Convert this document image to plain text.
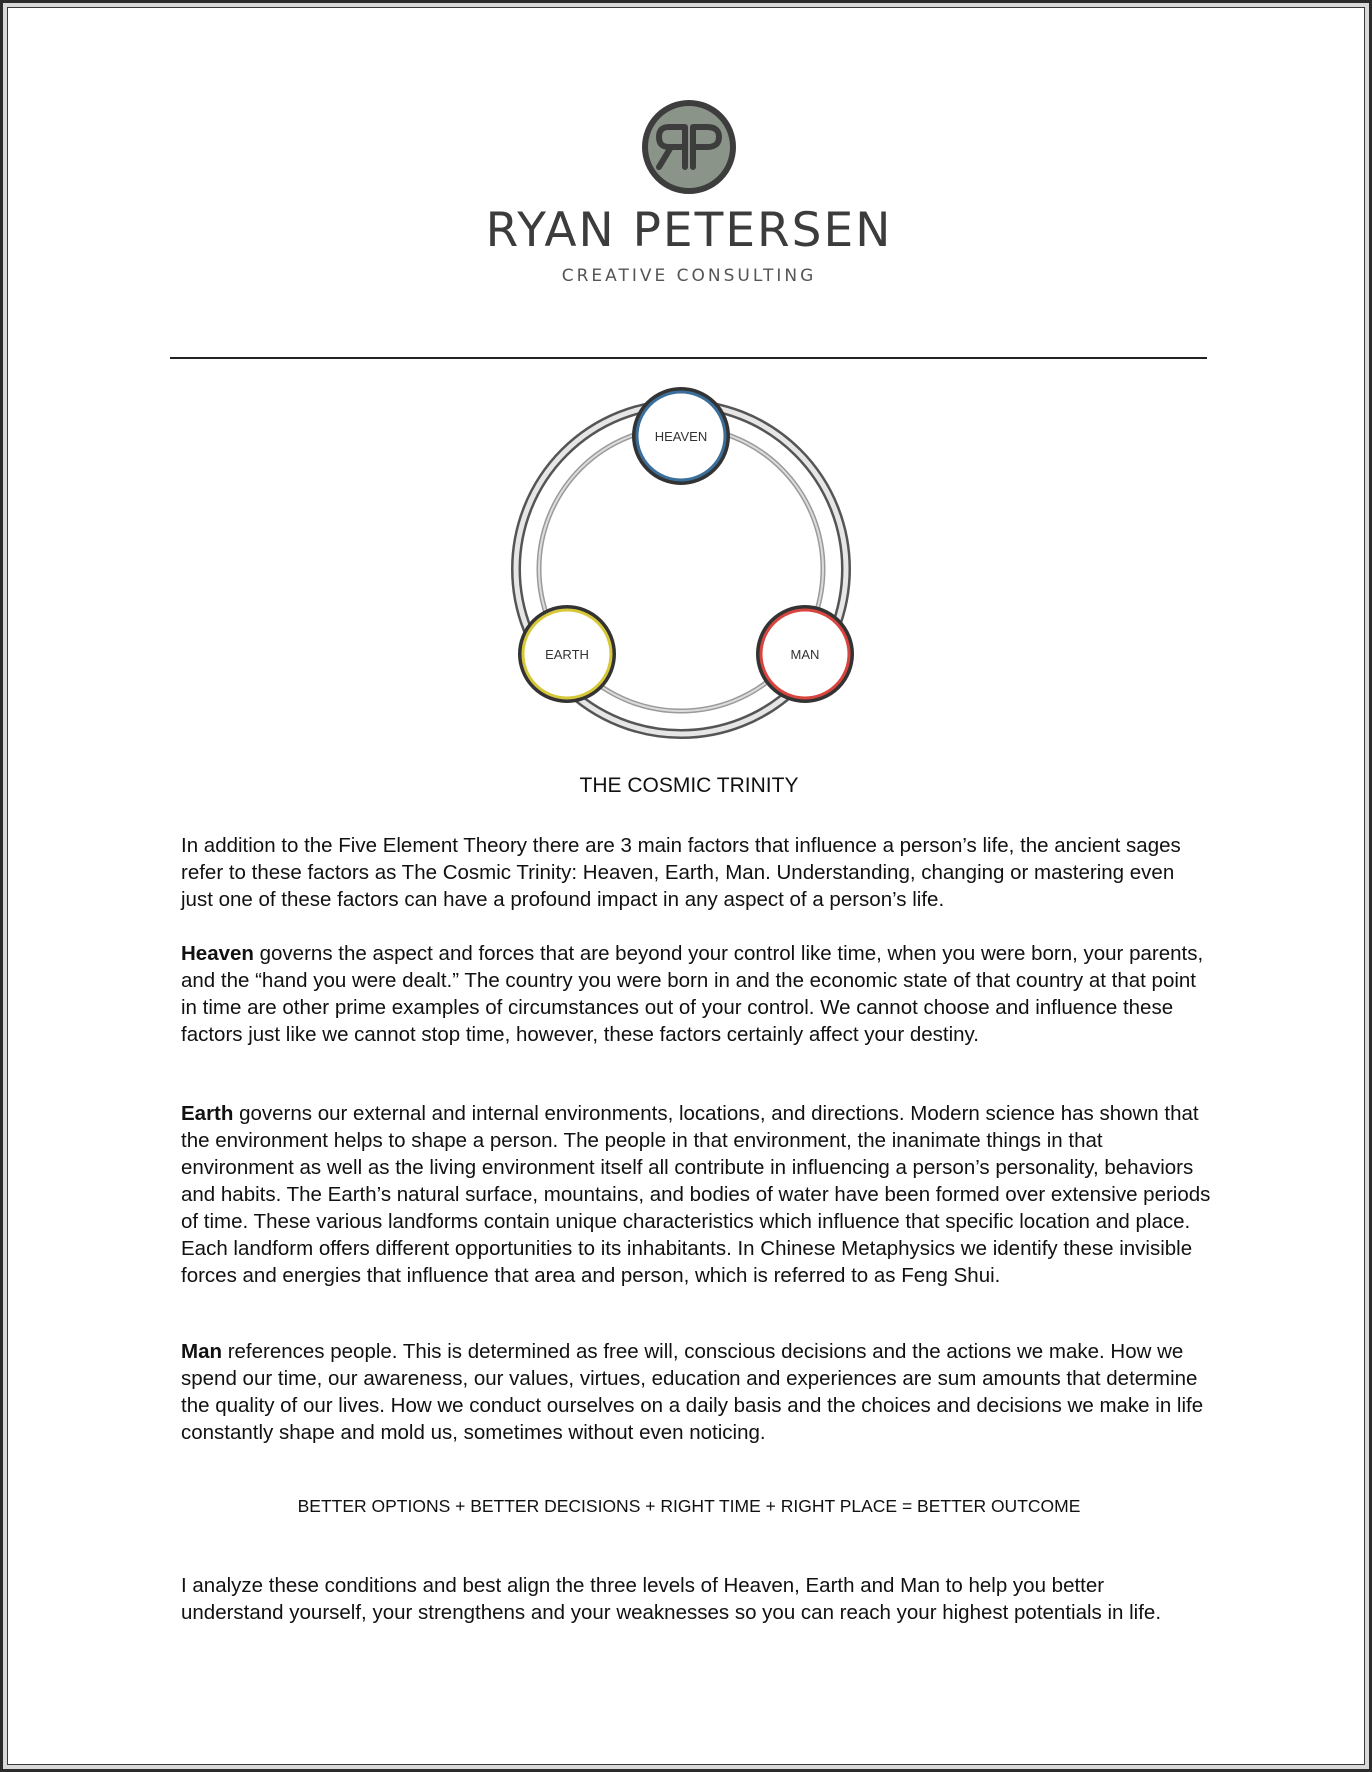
RYAN PETERSEN
CREATIVE CONSULTING
HEAVEN
EARTH	MAN
THE COSMIC TRINITY

In addition to the Five Element Theory there are 3 main factors that influence a person’s life, the ancient sages refer to these factors as The Cosmic Trinity: Heaven, Earth, Man. Understanding, changing or mastering even just one of these factors can have a profound impact in any aspect of a person’s life.

Heaven governs the aspect and forces that are beyond your control like time, when you were born, your parents, and the “hand you were dealt.” The country you were born in and the economic state of that country at that point in time are other prime examples of circumstances out of your control. We cannot choose and influence these factors just like we cannot stop time, however, these factors certainly affect your destiny.

Earth governs our external and internal environments, locations, and directions. Modern science has shown that the environment helps to shape a person. The people in that environment, the inanimate things in that environment as well as the living environment itself all contribute in influencing a person’s personality, behaviors and habits. The Earth’s natural surface, mountains, and bodies of water have been formed over extensive periods of time. These various landforms contain unique characteristics which influence that specific location and place. Each landform offers different opportunities to its inhabitants. In Chinese Metaphysics we identify these invisible forces and energies that influence that area and person, which is referred to as Feng Shui.

Man references people. This is determined as free will, conscious decisions and the actions we make. How we spend our time, our awareness, our values, virtues, education and experiences are sum amounts that determine the quality of our lives. How we conduct ourselves on a daily basis and the choices and decisions we make in life constantly shape and mold us, sometimes without even noticing.

BETTER OPTIONS + BETTER DECISIONS + RIGHT TIME + RIGHT PLACE = BETTER OUTCOME

I analyze these conditions and best align the three levels of Heaven, Earth and Man to help you better understand yourself, your strengthens and your weaknesses so you can reach your highest potentials in life.
